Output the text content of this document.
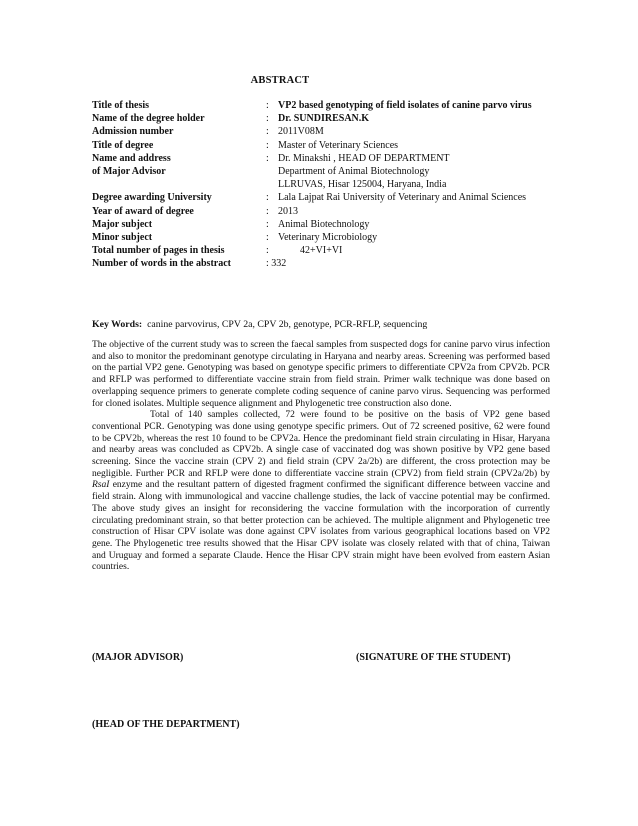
ABSTRACT
Title of thesis	: VP2 based genotyping of field isolates of canine parvo virus
Name of the degree holder	: Dr. SUNDIRESAN.K
Admission number	: 2011V08M
Title of degree	: Master of Veterinary Sciences
Name and address	: Dr. Minakshi , HEAD OF DEPARTMENT
of Major Advisor	Department of Animal Biotechnology
LLRUVAS, Hisar 125004, Haryana, India
Degree awarding University	: Lala Lajpat Rai University of Veterinary and Animal Sciences
Year of award of degree	: 2013
Major subject	: Animal Biotechnology
Minor subject	: Veterinary Microbiology
Total number of pages in thesis	:	42+VI+VI
Number of words in the abstract	: 332
Key Words: canine parvovirus, CPV 2a, CPV 2b, genotype, PCR-RFLP, sequencing

The objective of the current study was to screen the faecal samples from suspected dogs for canine parvo virus infection and also to monitor the predominant genotype circulating in Haryana and nearby areas. Screening was performed based on the partial VP2 gene. Genotyping was based on genotype specific primers to differentiate CPV2a from CPV2b. PCR and RFLP was performed to differentiate vaccine strain from field strain. Primer walk technique was done based on overlapping sequence primers to generate complete coding sequence of canine parvo virus. Sequencing was performed for cloned isolates. Multiple sequence alignment and Phylogenetic tree construction also done.

Total of 140 samples collected, 72 were found to be positive on the basis of VP2 gene based conventional PCR. Genotyping was done using genotype specific primers. Out of 72 screened positive, 62 were found to be CPV2b, whereas the rest 10 found to be CPV2a. Hence the predominant field strain circulating in Hisar, Haryana and nearby areas was concluded as CPV2b. A single case of vaccinated dog was shown positive by VP2 gene based screening. Since the vaccine strain (CPV 2) and field strain (CPV 2a/2b) are different, the cross protection may be negligible. Further PCR and RFLP were done to differentiate vaccine strain (CPV2) from field strain (CPV2a/2b) by RsaI enzyme and the resultant pattern of digested fragment confirmed the significant difference between vaccine and field strain. Along with immunological and vaccine challenge studies, the lack of vaccine potential may be confirmed. The above study gives an insight for reconsidering the vaccine formulation with the incorporation of currently circulating predominant strain, so that better protection can be achieved. The multiple alignment and Phylogenetic tree construction of Hisar CPV isolate was done against CPV isolates from various geographical locations based on VP2 gene. The Phylogenetic tree results showed that the Hisar CPV isolate was closely related with that of china, Taiwan and Uruguay and formed a separate Claude. Hence the Hisar CPV strain might have been evolved from eastern Asian countries.

(MAJOR ADVISOR)	(SIGNATURE OF THE STUDENT)
(HEAD OF THE DEPARTMENT)
